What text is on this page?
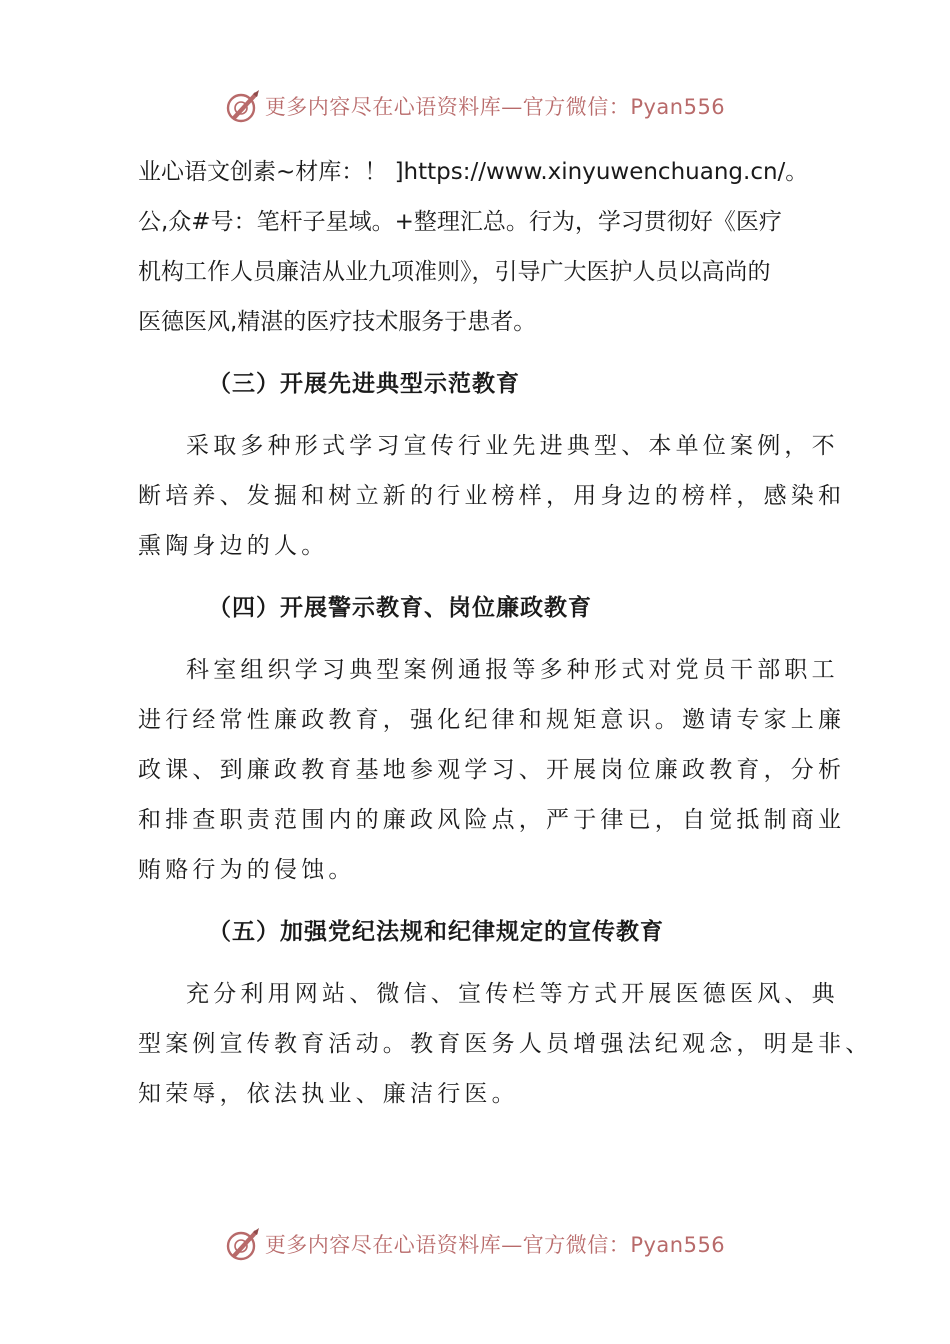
更多内容尽在心语资料库—官方微信：Pyan556

业心语文创素~材库：！ ]https://www.xinyuwenchuang.cn/。

公,众#号：笔杆子星域。+整理汇总。行为，学习贯彻好《医疗

机构工作人员廉洁从业九项准则》，引导广大医护人员以高尚的

医德医风,精湛的医疗技术服务于患者。

（三）开展先进典型示范教育

采取多种形式学习宣传行业先进典型、本单位案例，不

断培养、发掘和树立新的行业榜样，用身边的榜样，感染和

熏陶身边的人。

（四）开展警示教育、岗位廉政教育

科室组织学习典型案例通报等多种形式对党员干部职工

进行经常性廉政教育，强化纪律和规矩意识。邀请专家上廉

政课、到廉政教育基地参观学习、开展岗位廉政教育，分析

和排查职责范围内的廉政风险点，严于律已，自觉抵制商业

贿赂行为的侵蚀。

（五）加强党纪法规和纪律规定的宣传教育

充分利用网站、微信、宣传栏等方式开展医德医风、典

型案例宣传教育活动。教育医务人员增强法纪观念，明是非、

知荣辱，依法执业、廉洁行医。

更多内容尽在心语资料库—官方微信：Pyan556
